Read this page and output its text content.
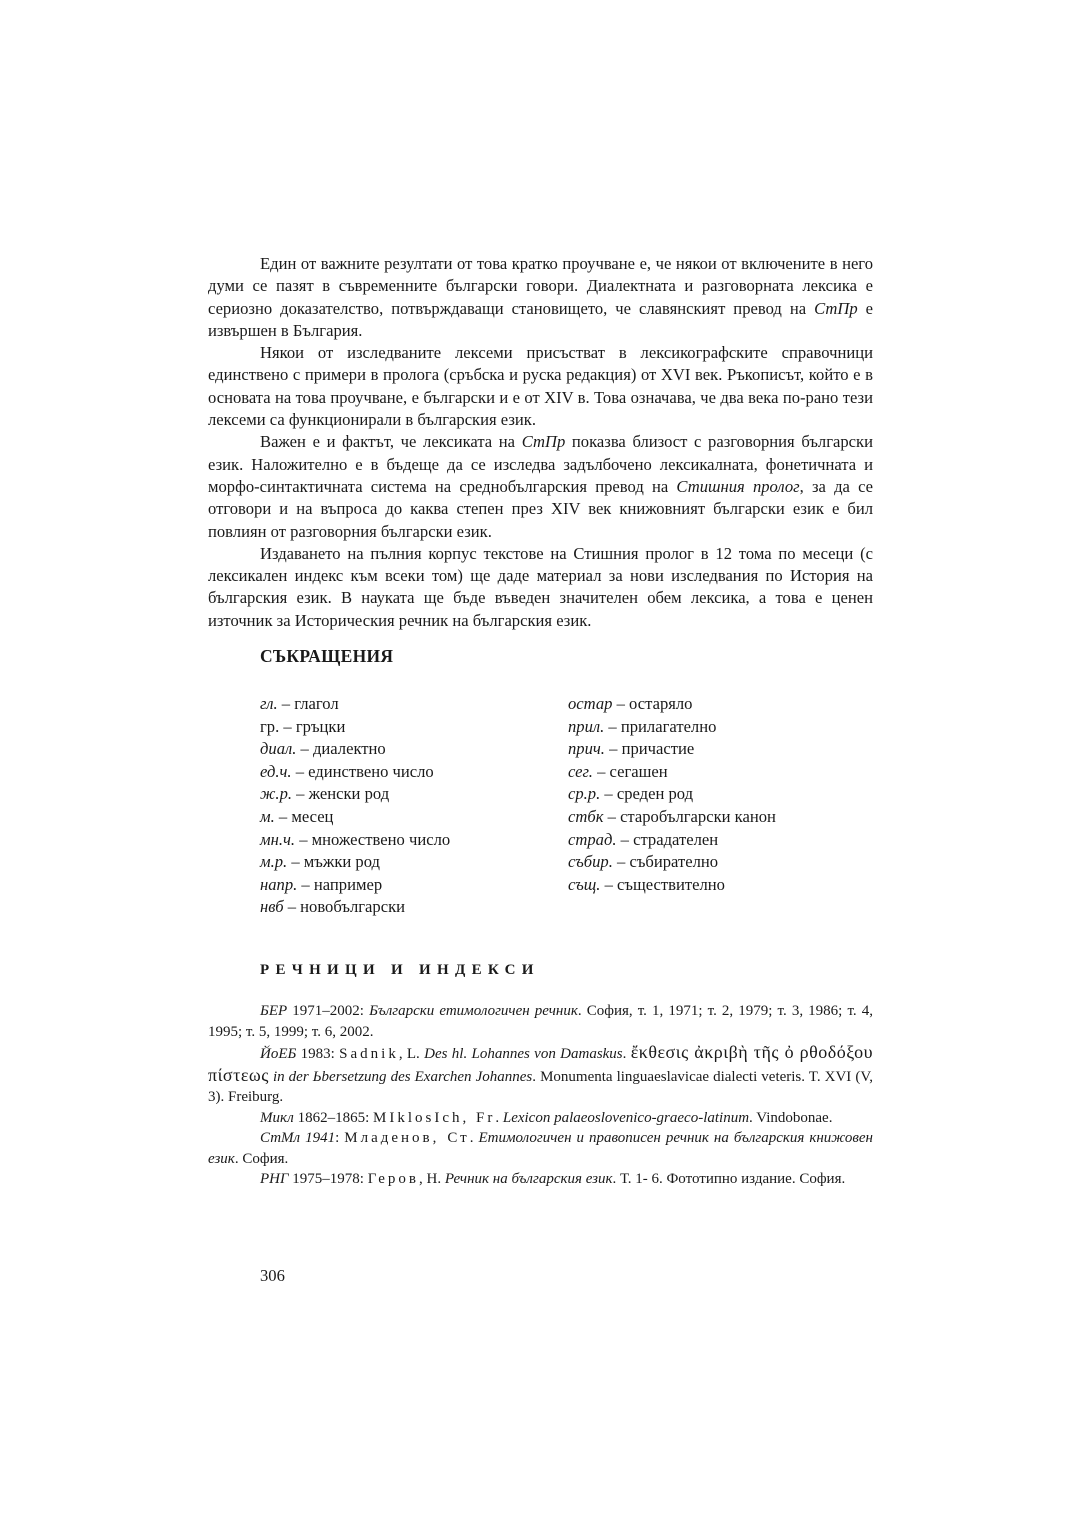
Един от важните резултати от това кратко проучване е, че някои от включените в него думи се пазят в съвременните български говори. Диалектната и разговорната лексика е сериозно доказателство, потвърждаващи становището, че славянският превод на СтПр е извършен в България.

Някои от изследваните лексеми присъстват в лексикографските справочници единствено с примери в пролога (сръбска и руска редакция) от XVI век. Ръкописът, който е в основата на това проучване, е български и е от XIV в. Това означава, че два века по-рано тези лексеми са функционирали в българския език.

Важен е и фактът, че лексиката на СтПр показва близост с разговорния български език. Наложително е в бъдеще да се изследва задълбочено лексикалната, фонетичната и морфо-синтактичната система на среднобългарския превод на Стишния пролог, за да се отговори и на въпроса до каква степен през XIV век книжовният български език е бил повлиян от разговорния български език.

Издаването на пълния корпус текстове на Стишния пролог в 12 тома по месеци (с лексикален индекс към всеки том) ще даде материал за нови изследвания по История на българския език. В науката ще бъде въведен значителен обем лексика, а това е ценен източник за Историческия речник на българския език.

СЪКРАЩЕНИЯ
гл. – глагол
гр. – гръцки
диал. – диалектно
ед.ч. – единствено число
ж.р. – женски род
м. – месец
мн.ч. – множествено число
м.р. – мъжки род
напр. – например
нвб – новобългарски
остар – остаряло
прил. – прилагателно
прич. – причастие
сег. – сегашен
ср.р. – среден род
стбк – старобългарски канон
страд. – страдателен
събир. – събирателно
същ. – съществително
РЕЧНИЦИ И ИНДЕКСИ

БЕР 1971–2002: Български етимологичен речник. София, т. 1, 1971; т. 2, 1979; т. 3, 1986; т. 4, 1995; т. 5, 1999; т. 6, 2002.

ЙоЕБ 1983: Sadnik, L. Des hl. Lohannes von Damaskus. ἔκθεσις ἀκριβὴ τῆς ὀ ρθοδόξου πίστεως in der Ьbersetzung des Exarchen Johannes. Monumenta linguaeslavicae dialecti veteris. T. XVI (V, 3). Freiburg.

Микл 1862–1865: MIklosIch, Fr. Lexicon palaeoslovenico-graeco-latinum. Vindobonae.

СтМл 1941: Младенов, Ст. Етимологичен и правописен речник на българския книжовен език. София.

РНГ 1975–1978: Геров, Н. Речник на българския език. Т. 1- 6. Фототипно издание. София.

306
